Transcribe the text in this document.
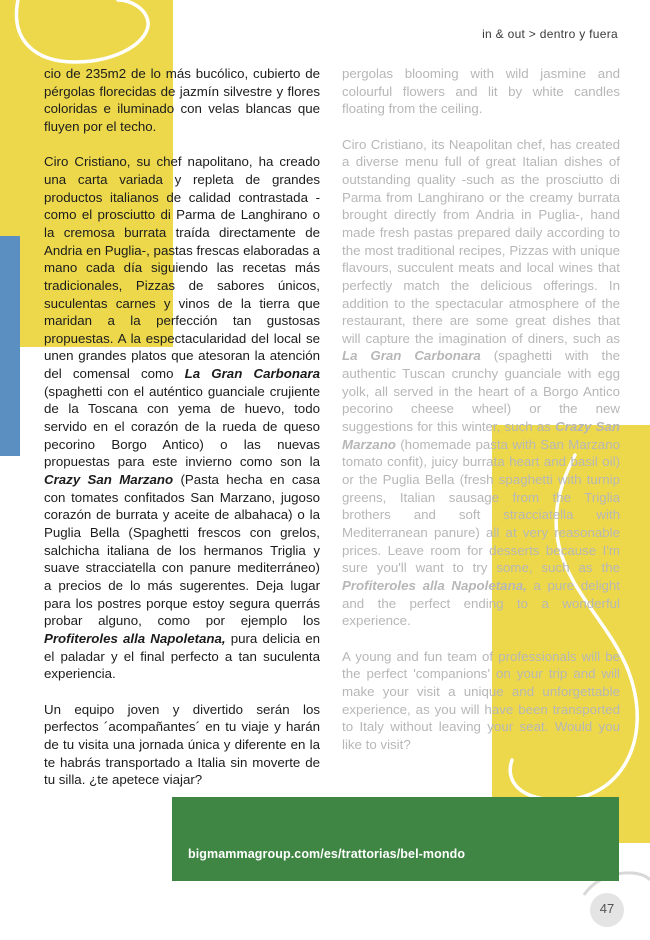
in & out > dentro y fuera

cio de 235m2 de lo más bucólico, cubierto de pérgolas florecidas de jazmín silvestre y flores coloridas e iluminado con velas blancas que fluyen por el techo.

Ciro Cristiano, su chef napolitano, ha creado una carta variada y repleta de grandes productos italianos de calidad contrastada -como el prosciutto di Parma de Langhirano o la cremosa burrata traída directamente de Andria en Puglia-, pastas frescas elaboradas a mano cada día siguiendo las recetas más tradicionales, Pizzas de sabores únicos, suculentas carnes y vinos de la tierra que maridan a la perfección tan gustosas propuestas. A la espectacularidad del local se unen grandes platos que atesoran la atención del comensal como La Gran Carbonara (spaghetti con el auténtico guanciale crujiente de la Toscana con yema de huevo, todo servido en el corazón de la rueda de queso pecorino Borgo Antico) o las nuevas propuestas para este invierno como son la Crazy San Marzano (Pasta hecha en casa con tomates confitados San Marzano, jugoso corazón de burrata y aceite de albahaca) o la Puglia Bella (Spaghetti frescos con grelos, salchicha italiana de los hermanos Triglia y suave stracciatella con panure mediterráneo) a precios de lo más sugerentes. Deja lugar para los postres porque estoy segura querrás probar alguno, como por ejemplo los Profiteroles alla Napoletana, pura delicia en el paladar y el final perfecto a tan suculenta experiencia.

Un equipo joven y divertido serán los perfectos ´acompañantes´ en tu viaje y harán de tu visita una jornada única y diferente en la te habrás transportado a Italia sin moverte de tu silla. ¿te apetece viajar?

pergolas blooming with wild jasmine and colourful flowers and lit by white candles floating from the ceiling.

Ciro Cristiano, its Neapolitan chef, has created a diverse menu full of great Italian dishes of outstanding quality -such as the prosciutto di Parma from Langhirano or the creamy burrata brought directly from Andria in Puglia-, hand made fresh pastas prepared daily according to the most traditional recipes, Pizzas with unique flavours, succulent meats and local wines that perfectly match the delicious offerings. In addition to the spectacular atmosphere of the restaurant, there are some great dishes that will capture the imagination of diners, such as La Gran Carbonara (spaghetti with the authentic Tuscan crunchy guanciale with egg yolk, all served in the heart of a Borgo Antico pecorino cheese wheel) or the new suggestions for this winter, such as Crazy San Marzano (homemade pasta with San Marzano tomato confit), juicy burrata heart and basil oil) or the Puglia Bella (fresh spaghetti with turnip greens, Italian sausage from the Triglia brothers and soft stracciatella with Mediterranean panure) all at very reasonable prices. Leave room for desserts because I'm sure you'll want to try some, such as the Profiteroles alla Napoletana, a pure delight and the perfect ending to a wonderful experience.

A young and fun team of professionals will be the perfect 'companions' on your trip and will make your visit a unique and unforgettable experience, as you will have been transported to Italy without leaving your seat. Would you like to visit?

bigmammagroup.com/es/trattorias/bel-mondo
47
